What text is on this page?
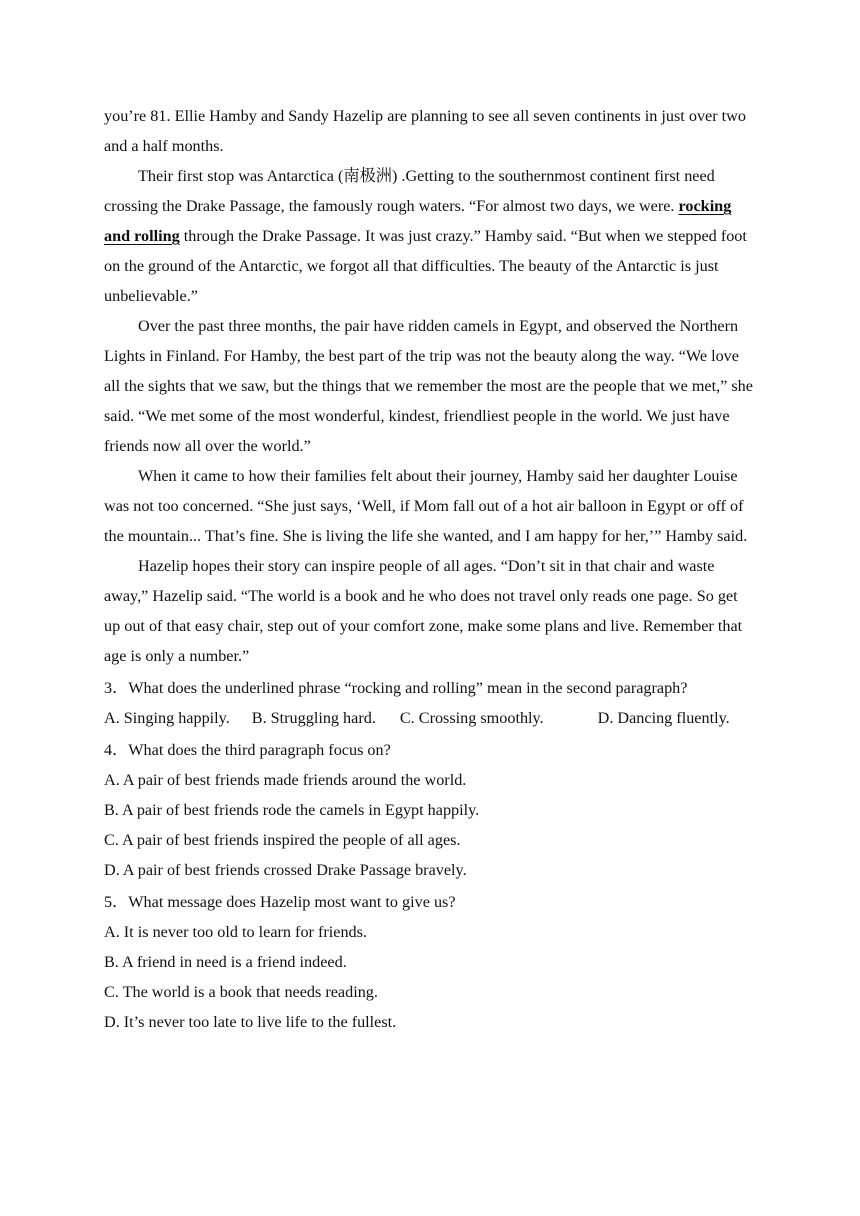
you’re 81. Ellie Hamby and Sandy Hazelip are planning to see all seven continents in just over two and a half months.

Their first stop was Antarctica (南极洲) .Getting to the southernmost continent first need crossing the Drake Passage, the famously rough waters. “For almost two days, we were. rocking and rolling through the Drake Passage. It was just crazy.” Hamby said. “But when we stepped foot on the ground of the Antarctic, we forgot all that difficulties. The beauty of the Antarctic is just unbelievable.”

Over the past three months, the pair have ridden camels in Egypt, and observed the Northern Lights in Finland. For Hamby, the best part of the trip was not the beauty along the way. “We love all the sights that we saw, but the things that we remember the most are the people that we met,” she said. “We met some of the most wonderful, kindest, friendliest people in the world. We just have friends now all over the world.”

When it came to how their families felt about their journey, Hamby said her daughter Louise was not too concerned. “She just says, ‘Well, if Mom fall out of a hot air balloon in Egypt or off of the mountain... That’s fine. She is living the life she wanted, and I am happy for her,’” Hamby said.

Hazelip hopes their story can inspire people of all ages. “Don’t sit in that chair and waste away,” Hazelip said. “The world is a book and he who does not travel only reads one page. So get up out of that easy chair, step out of your comfort zone, make some plans and live. Remember that age is only a number.”

3．What does the underlined phrase “rocking and rolling” mean in the second paragraph?

A. Singing happily. B. Struggling hard. C. Crossing smoothly.	D. Dancing fluently.

4．What does the third paragraph focus on?

A. A pair of best friends made friends around the world.

B. A pair of best friends rode the camels in Egypt happily.

C. A pair of best friends inspired the people of all ages.

D. A pair of best friends crossed Drake Passage bravely.

5．What message does Hazelip most want to give us?

A. It is never too old to learn for friends.

B. A friend in need is a friend indeed.

C. The world is a book that needs reading.

D. It’s never too late to live life to the fullest.
